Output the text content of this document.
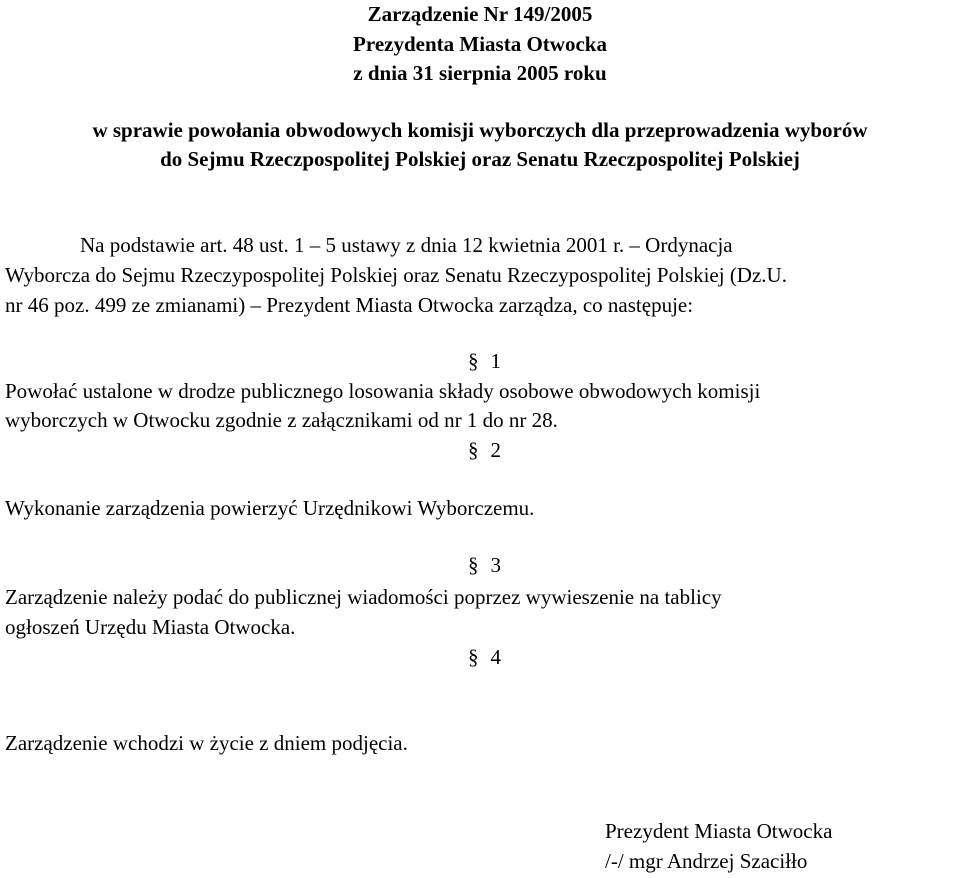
Zarządzenie Nr 149/2005
Prezydenta Miasta Otwocka
z dnia 31 sierpnia 2005 roku
w sprawie powołania obwodowych komisji wyborczych dla przeprowadzenia wyborów
do Sejmu Rzeczpospolitej Polskiej oraz Senatu Rzeczpospolitej Polskiej
Na podstawie art. 48 ust. 1 – 5 ustawy z dnia 12 kwietnia 2001 r. – Ordynacja
Wyborcza do Sejmu Rzeczypospolitej Polskiej oraz Senatu Rzeczypospolitej Polskiej (Dz.U.
nr 46 poz. 499 ze zmianami) – Prezydent Miasta Otwocka zarządza, co następuje:
§ 1
Powołać ustalone w drodze publicznego losowania składy osobowe obwodowych komisji
wyborczych w Otwocku zgodnie z załącznikami od nr 1 do nr 28.
§ 2
Wykonanie zarządzenia powierzyć Urzędnikowi Wyborczemu.
§ 3
Zarządzenie należy podać do publicznej wiadomości poprzez wywieszenie na tablicy
ogłoszeń Urzędu Miasta Otwocka.
§ 4
Zarządzenie wchodzi w życie z dniem podjęcia.
Prezydent Miasta Otwocka
/-/ mgr Andrzej Szaciłło
